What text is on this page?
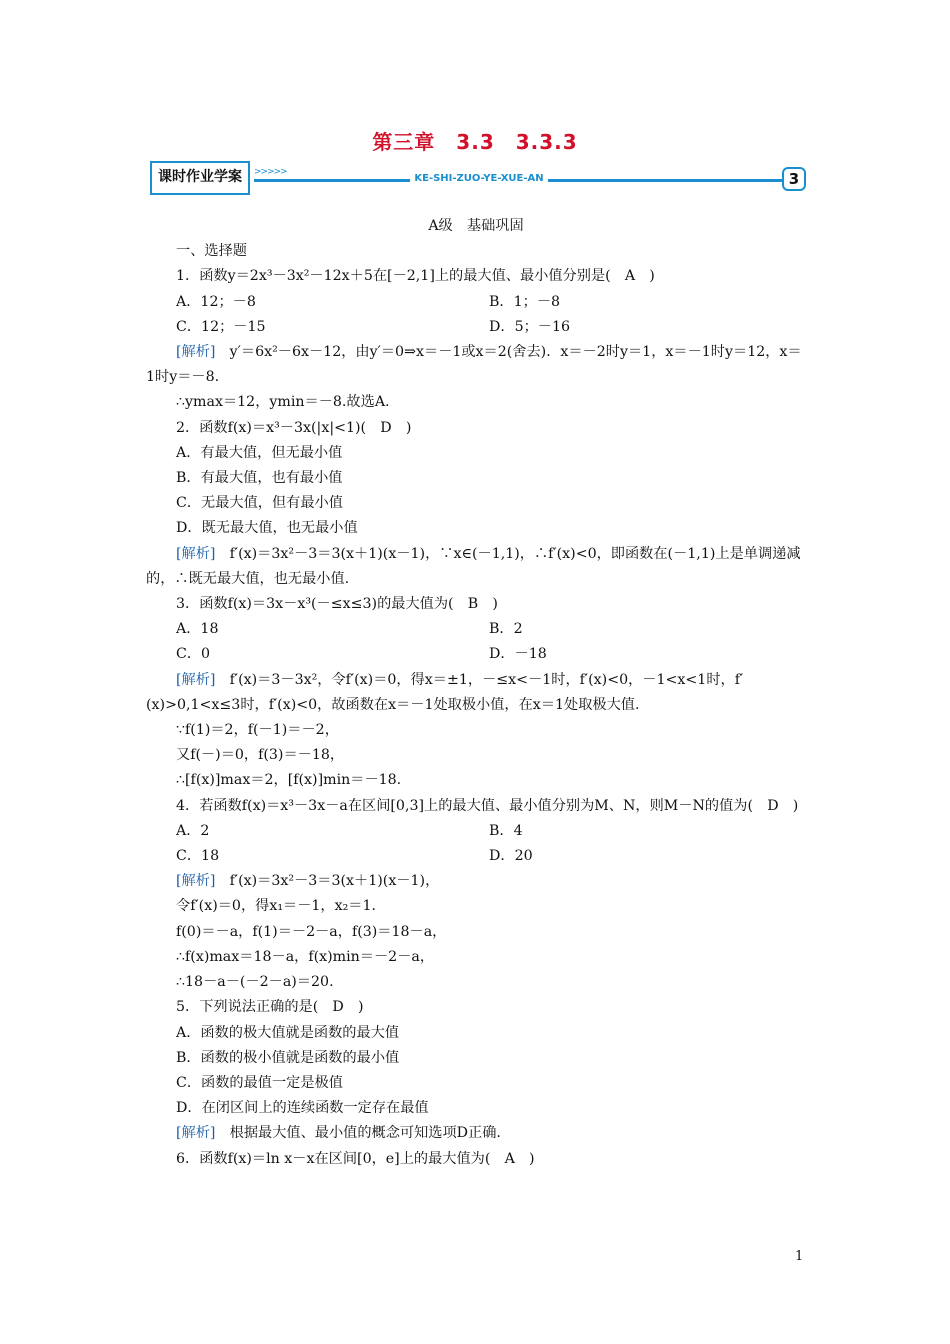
第三章　3.3　3.3.3
KE-SHI-ZUO-YE-XUE-AN
>>>>>
课时作业学案	3

A级　基础巩固

一、选择题

1．函数y＝2x³－3x²－12x＋5在[－2,1]上的最大值、最小值分别是(　A　)

A．12；－8	B．1；－8
C．12；－15	D．5；－16

[解析]　y′＝6x²－6x－12，由y′＝0⇒x＝－1或x＝2(舍去)．x＝－2时y＝1，x＝－1时y＝12，x＝1时y＝－8.

∴ymax＝12，ymin＝－8.故选A.

2．函数f(x)＝x³－3x(|x|<1)(　D　)

A．有最大值，但无最小值

B．有最大值，也有最小值

C．无最大值，但有最小值

D．既无最大值，也无最小值

[解析]　f′(x)＝3x²－3＝3(x＋1)(x－1)，∵x∈(－1,1)，∴f′(x)<0，即函数在(－1,1)上是单调递减的，∴既无最大值，也无最小值.

3．函数f(x)＝3x－x³(－≤x≤3)的最大值为(　B　)

A．18	B．2
C．0	D．－18

[解析]　f′(x)＝3－3x²，令f′(x)＝0，得x＝±1，－≤x<－1时，f′(x)<0，－1<x<1时，f′(x)>0,1<x≤3时，f′(x)<0，故函数在x＝－1处取极小值，在x＝1处取极大值.

∵f(1)＝2，f(－1)＝－2，

又f(－)＝0，f(3)＝－18，

∴[f(x)]max＝2，[f(x)]min＝－18.

4．若函数f(x)＝x³－3x－a在区间[0,3]上的最大值、最小值分别为M、N，则M－N的值为(　D　)

A．2	B．4
C．18	D．20

[解析]　f′(x)＝3x²－3＝3(x＋1)(x－1)，

令f′(x)＝0，得x₁＝－1，x₂＝1.

f(0)＝－a，f(1)＝－2－a，f(3)＝18－a，

∴f(x)max＝18－a，f(x)min＝－2－a，

∴18－a－(－2－a)＝20.

5．下列说法正确的是(　D　)

A．函数的极大值就是函数的最大值

B．函数的极小值就是函数的最小值

C．函数的最值一定是极值

D．在闭区间上的连续函数一定存在最值

[解析]　根据最大值、最小值的概念可知选项D正确.

6．函数f(x)＝ln x－x在区间[0，e]上的最大值为(　A　)

1
